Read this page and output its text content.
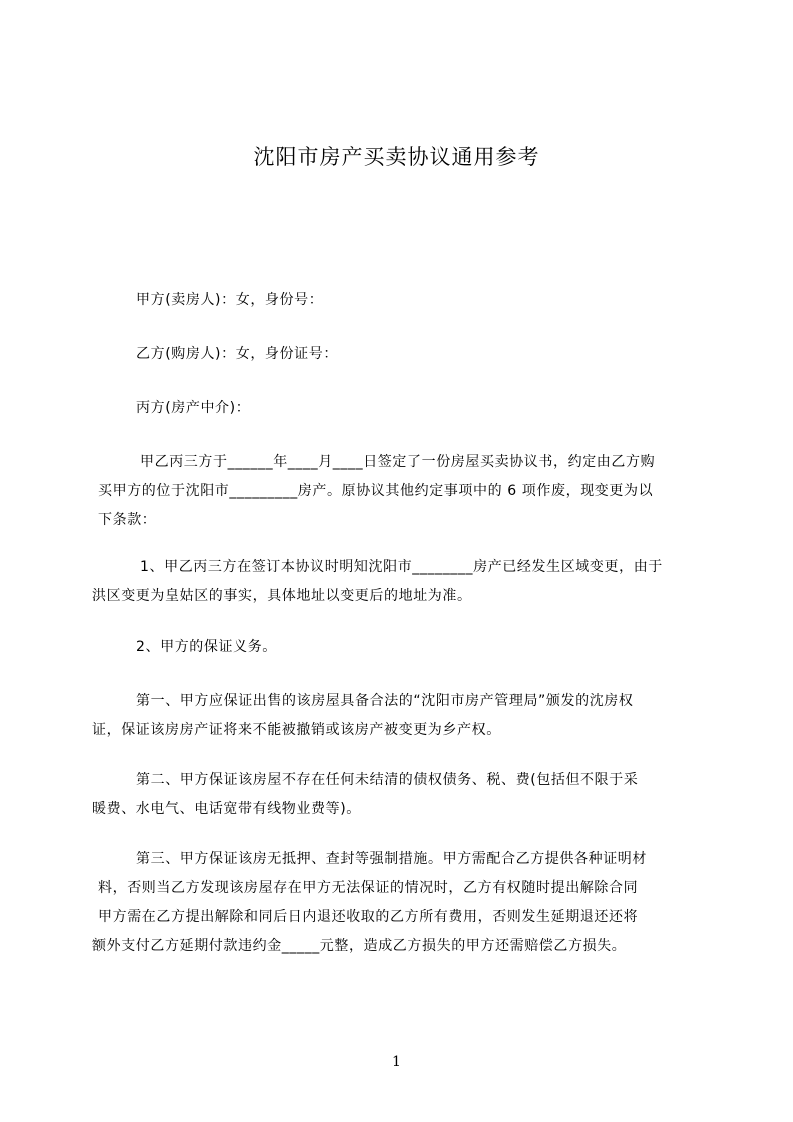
沈阳市房产买卖协议通用参考
甲方(卖房人)：女，身份号：
乙方(购房人)：女，身份证号：
丙方(房产中介)：
甲乙丙三方于______年____月____日签定了一份房屋买卖协议书，约定由乙方购
买甲方的位于沈阳市_________房产。原协议其他约定事项中的 6 项作废，现变更为以
下条款：
1、甲乙丙三方在签订本协议时明知沈阳市________房产已经发生区域变更，由于
洪区变更为皇姑区的事实，具体地址以变更后的地址为准。
2、甲方的保证义务。
第一、甲方应保证出售的该房屋具备合法的“沈阳市房产管理局”颁发的沈房权
证，保证该房房产证将来不能被撤销或该房产被变更为乡产权。
第二、甲方保证该房屋不存在任何未结清的债权债务、税、费(包括但不限于采
暖费、水电气、电话宽带有线物业费等)。
第三、甲方保证该房无抵押、查封等强制措施。甲方需配合乙方提供各种证明材
料，否则当乙方发现该房屋存在甲方无法保证的情况时，乙方有权随时提出解除合同
甲方需在乙方提出解除和同后日内退还收取的乙方所有费用，否则发生延期退还还将
额外支付乙方延期付款违约金_____元整，造成乙方损失的甲方还需赔偿乙方损失。
1
